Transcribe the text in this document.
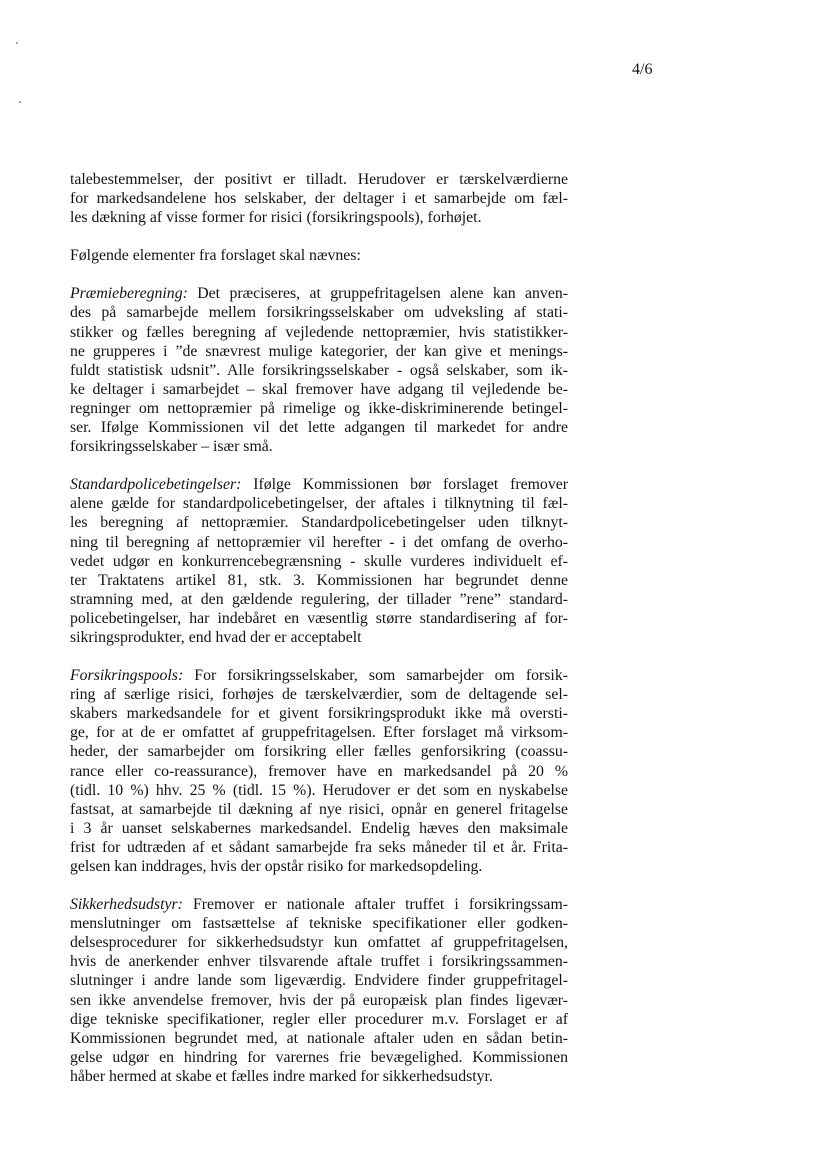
4/6

talebestemmelser, der positivt er tilladt. Herudover er tærskelværdierne
for markedsandelene hos selskaber, der deltager i et samarbejde om fæl-
les dækning af visse former for risici (forsikringspools), forhøjet.

Følgende elementer fra forslaget skal nævnes:

Præmieberegning: Det præciseres, at gruppefritagelsen alene kan anven-
des på samarbejde mellem forsikringsselskaber om udveksling af stati-
stikker og fælles beregning af vejledende nettopræmier, hvis statistikker-
ne grupperes i ”de snævrest mulige kategorier, der kan give et menings-
fuldt statistisk udsnit”. Alle forsikringsselskaber - også selskaber, som ik-
ke deltager i samarbejdet – skal fremover have adgang til vejledende be-
regninger om nettopræmier på rimelige og ikke-diskriminerende betingel-
ser. Ifølge Kommissionen vil det lette adgangen til markedet for andre
forsikringsselskaber – især små.

Standardpolicebetingelser: Ifølge Kommissionen bør forslaget fremover
alene gælde for standardpolicebetingelser, der aftales i tilknytning til fæl-
les beregning af nettopræmier. Standardpolicebetingelser uden tilknyt-
ning til beregning af nettopræmier vil herefter - i det omfang de overho-
vedet udgør en konkurrencebegrænsning - skulle vurderes individuelt ef-
ter Traktatens artikel 81, stk. 3. Kommissionen har begrundet denne
stramning med, at den gældende regulering, der tillader ”rene” standard-
policebetingelser, har indebåret en væsentlig større standardisering af for-
sikringsprodukter, end hvad der er acceptabelt

Forsikringspools: For forsikringsselskaber, som samarbejder om forsik-
ring af særlige risici, forhøjes de tærskelværdier, som de deltagende sel-
skabers markedsandele for et givent forsikringsprodukt ikke må oversti-
ge, for at de er omfattet af gruppefritagelsen. Efter forslaget må virksom-
heder, der samarbejder om forsikring eller fælles genforsikring (coassu-
rance eller co-reassurance), fremover have en markedsandel på 20 %
(tidl. 10 %) hhv. 25 % (tidl. 15 %). Herudover er det som en nyskabelse
fastsat, at samarbejde til dækning af nye risici, opnår en generel fritagelse
i 3 år uanset selskabernes markedsandel. Endelig hæves den maksimale
frist for udtræden af et sådant samarbejde fra seks måneder til et år. Frita-
gelsen kan inddrages, hvis der opstår risiko for markedsopdeling.

Sikkerhedsudstyr: Fremover er nationale aftaler truffet i forsikringssam-
menslutninger om fastsættelse af tekniske specifikationer eller godken-
delsesprocedurer for sikkerhedsudstyr kun omfattet af gruppefritagelsen,
hvis de anerkender enhver tilsvarende aftale truffet i forsikringssammen-
slutninger i andre lande som ligeværdig. Endvidere finder gruppefritagel-
sen ikke anvendelse fremover, hvis der på europæisk plan findes ligevær-
dige tekniske specifikationer, regler eller procedurer m.v. Forslaget er af
Kommissionen begrundet med, at nationale aftaler uden en sådan betin-
gelse udgør en hindring for varernes frie bevægelighed. Kommissionen
håber hermed at skabe et fælles indre marked for sikkerhedsudstyr.
